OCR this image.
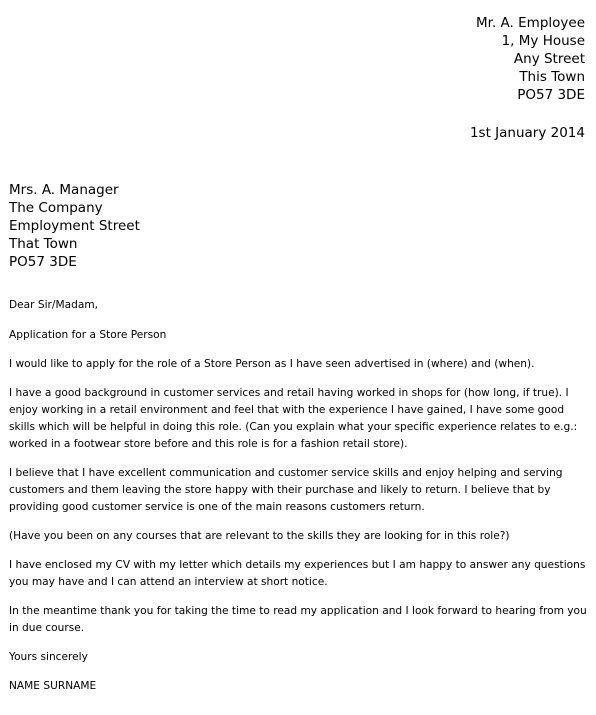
Mr. A. Employee
1, My House
Any Street
This Town
PO57 3DE
1st January 2014
Mrs. A. Manager
The Company
Employment Street
That Town
PO57 3DE

Dear Sir/Madam,

Application for a Store Person

I would like to apply for the role of a Store Person as I have seen advertised in (where) and (when).

I have a good background in customer services and retail having worked in shops for (how long, if true). I enjoy working in a retail environment and feel that with the experience I have gained, I have some good skills which will be helpful in doing this role. (Can you explain what your specific experience relates to e.g.: worked in a footwear store before and this role is for a fashion retail store).

I believe that I have excellent communication and customer service skills and enjoy helping and serving customers and them leaving the store happy with their purchase and likely to return. I believe that by providing good customer service is one of the main reasons customers return.

(Have you been on any courses that are relevant to the skills they are looking for in this role?)

I have enclosed my CV with my letter which details my experiences but I am happy to answer any questions you may have and I can attend an interview at short notice.

In the meantime thank you for taking the time to read my application and I look forward to hearing from you in due course.

Yours sincerely

NAME SURNAME
